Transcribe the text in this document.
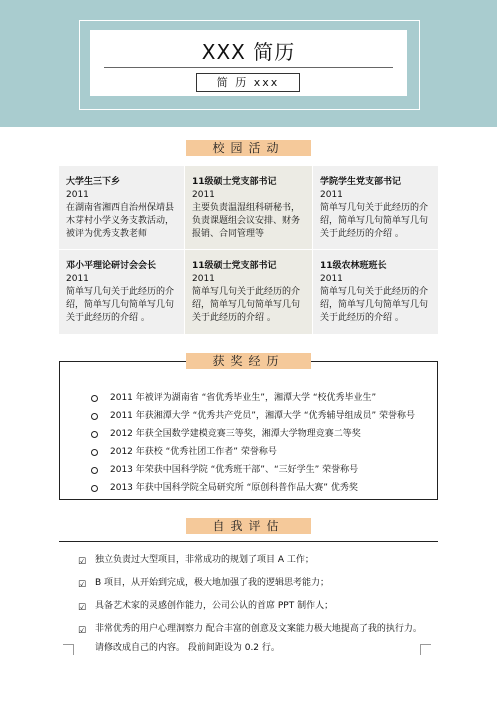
XXX 简历
简 历 xxx
校园活动
大学生三下乡
2011
在湖南省湘西自治州保靖县木芽村小学义务支教活动，被评为优秀支教老师
11级硕士党支部书记
2011
主要负责温湿组科研秘书，负责课题组会议安排、财务报销、合同管理等
学院学生党支部书记
2011
简单写几句关于此经历的介绍，简单写几句简单写几句关于此经历的介绍 。
邓小平理论研讨会会长
2011
简单写几句关于此经历的介绍，简单写几句简单写几句关于此经历的介绍 。
11级硕士党支部书记
2011
简单写几句关于此经历的介绍，简单写几句简单写几句关于此经历的介绍 。
11级农林班班长
2011
简单写几句关于此经历的介绍，简单写几句简单写几句关于此经历的介绍 。
2011 年被评为湖南省 “省优秀毕业生”，湘潭大学 “校优秀毕业生”
2011 年获湘潭大学 “优秀共产党员”，湘潭大学 “优秀辅导组成员” 荣誉称号
2012 年获全国数学建模竞赛三等奖，湘潭大学物理竞赛二等奖
2012 年获校 “优秀社团工作者” 荣誉称号
2013 年荣获中国科学院 “优秀班干部”、“三好学生” 荣誉称号
2013 年获中国科学院全局研究所 “原创科普作品大赛” 优秀奖
获奖经历
自我评估
☑ 独立负责过大型项目，非常成功的规划了项目 A 工作；
☑ B 项目，从开始到完成，极大地加强了我的逻辑思考能力；
☑ 具备艺术家的灵感创作能力，公司公认的首席 PPT 制作人；
☑ 非常优秀的用户心理洞察力 配合丰富的创意及文案能力极大地提高了我的执行力。
请修改成自己的内容。 段前间距设为 0.2 行。
